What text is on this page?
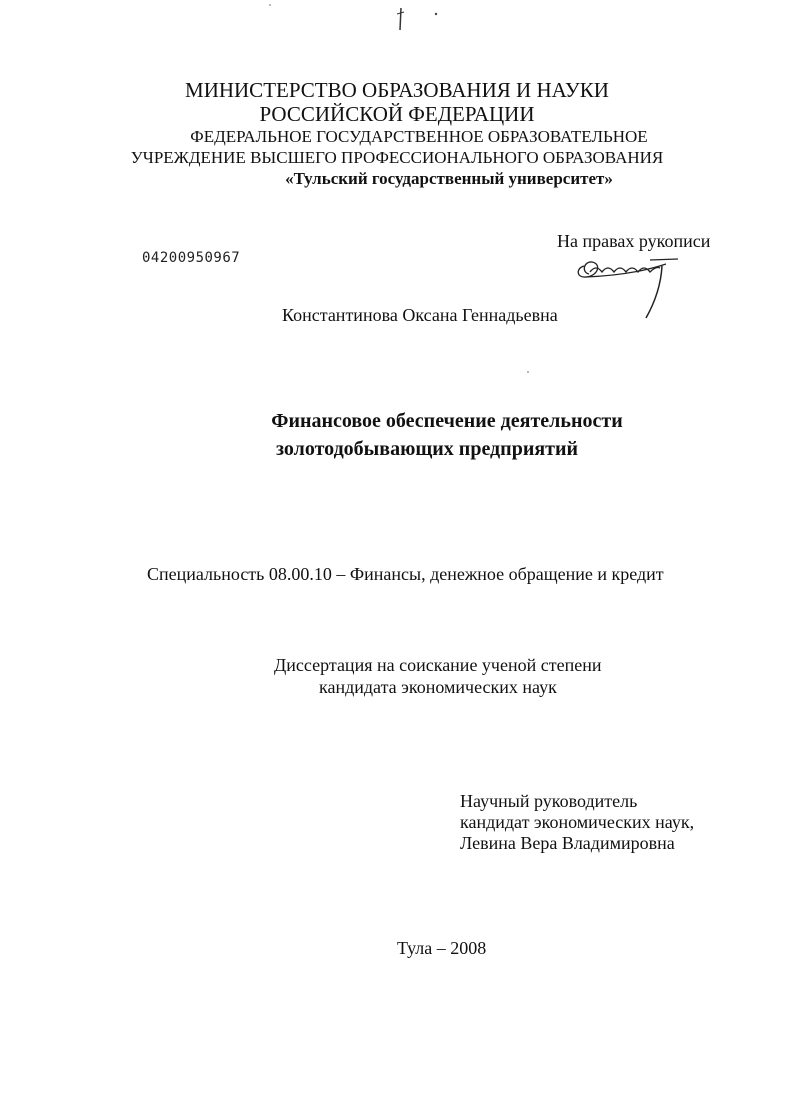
МИНИСТЕРСТВО ОБРАЗОВАНИЯ И НАУКИ
РОССИЙСКОЙ ФЕДЕРАЦИИ
ФЕДЕРАЛЬНОЕ ГОСУДАРСТВЕННОЕ ОБРАЗОВАТЕЛЬНОЕ
УЧРЕЖДЕНИЕ ВЫСШЕГО ПРОФЕССИОНАЛЬНОГО ОБРАЗОВАНИЯ
«Тульский государственный университет»
На правах рукописи
04200950967
Константинова Оксана Геннадьевна
Финансовое обеспечение деятельности
золотодобывающих предприятий
Специальность 08.00.10 – Финансы, денежное обращение и кредит
Диссертация на соискание ученой степени
кандидата экономических наук
Научный руководитель
кандидат экономических наук,
Левина Вера Владимировна
Тула – 2008
